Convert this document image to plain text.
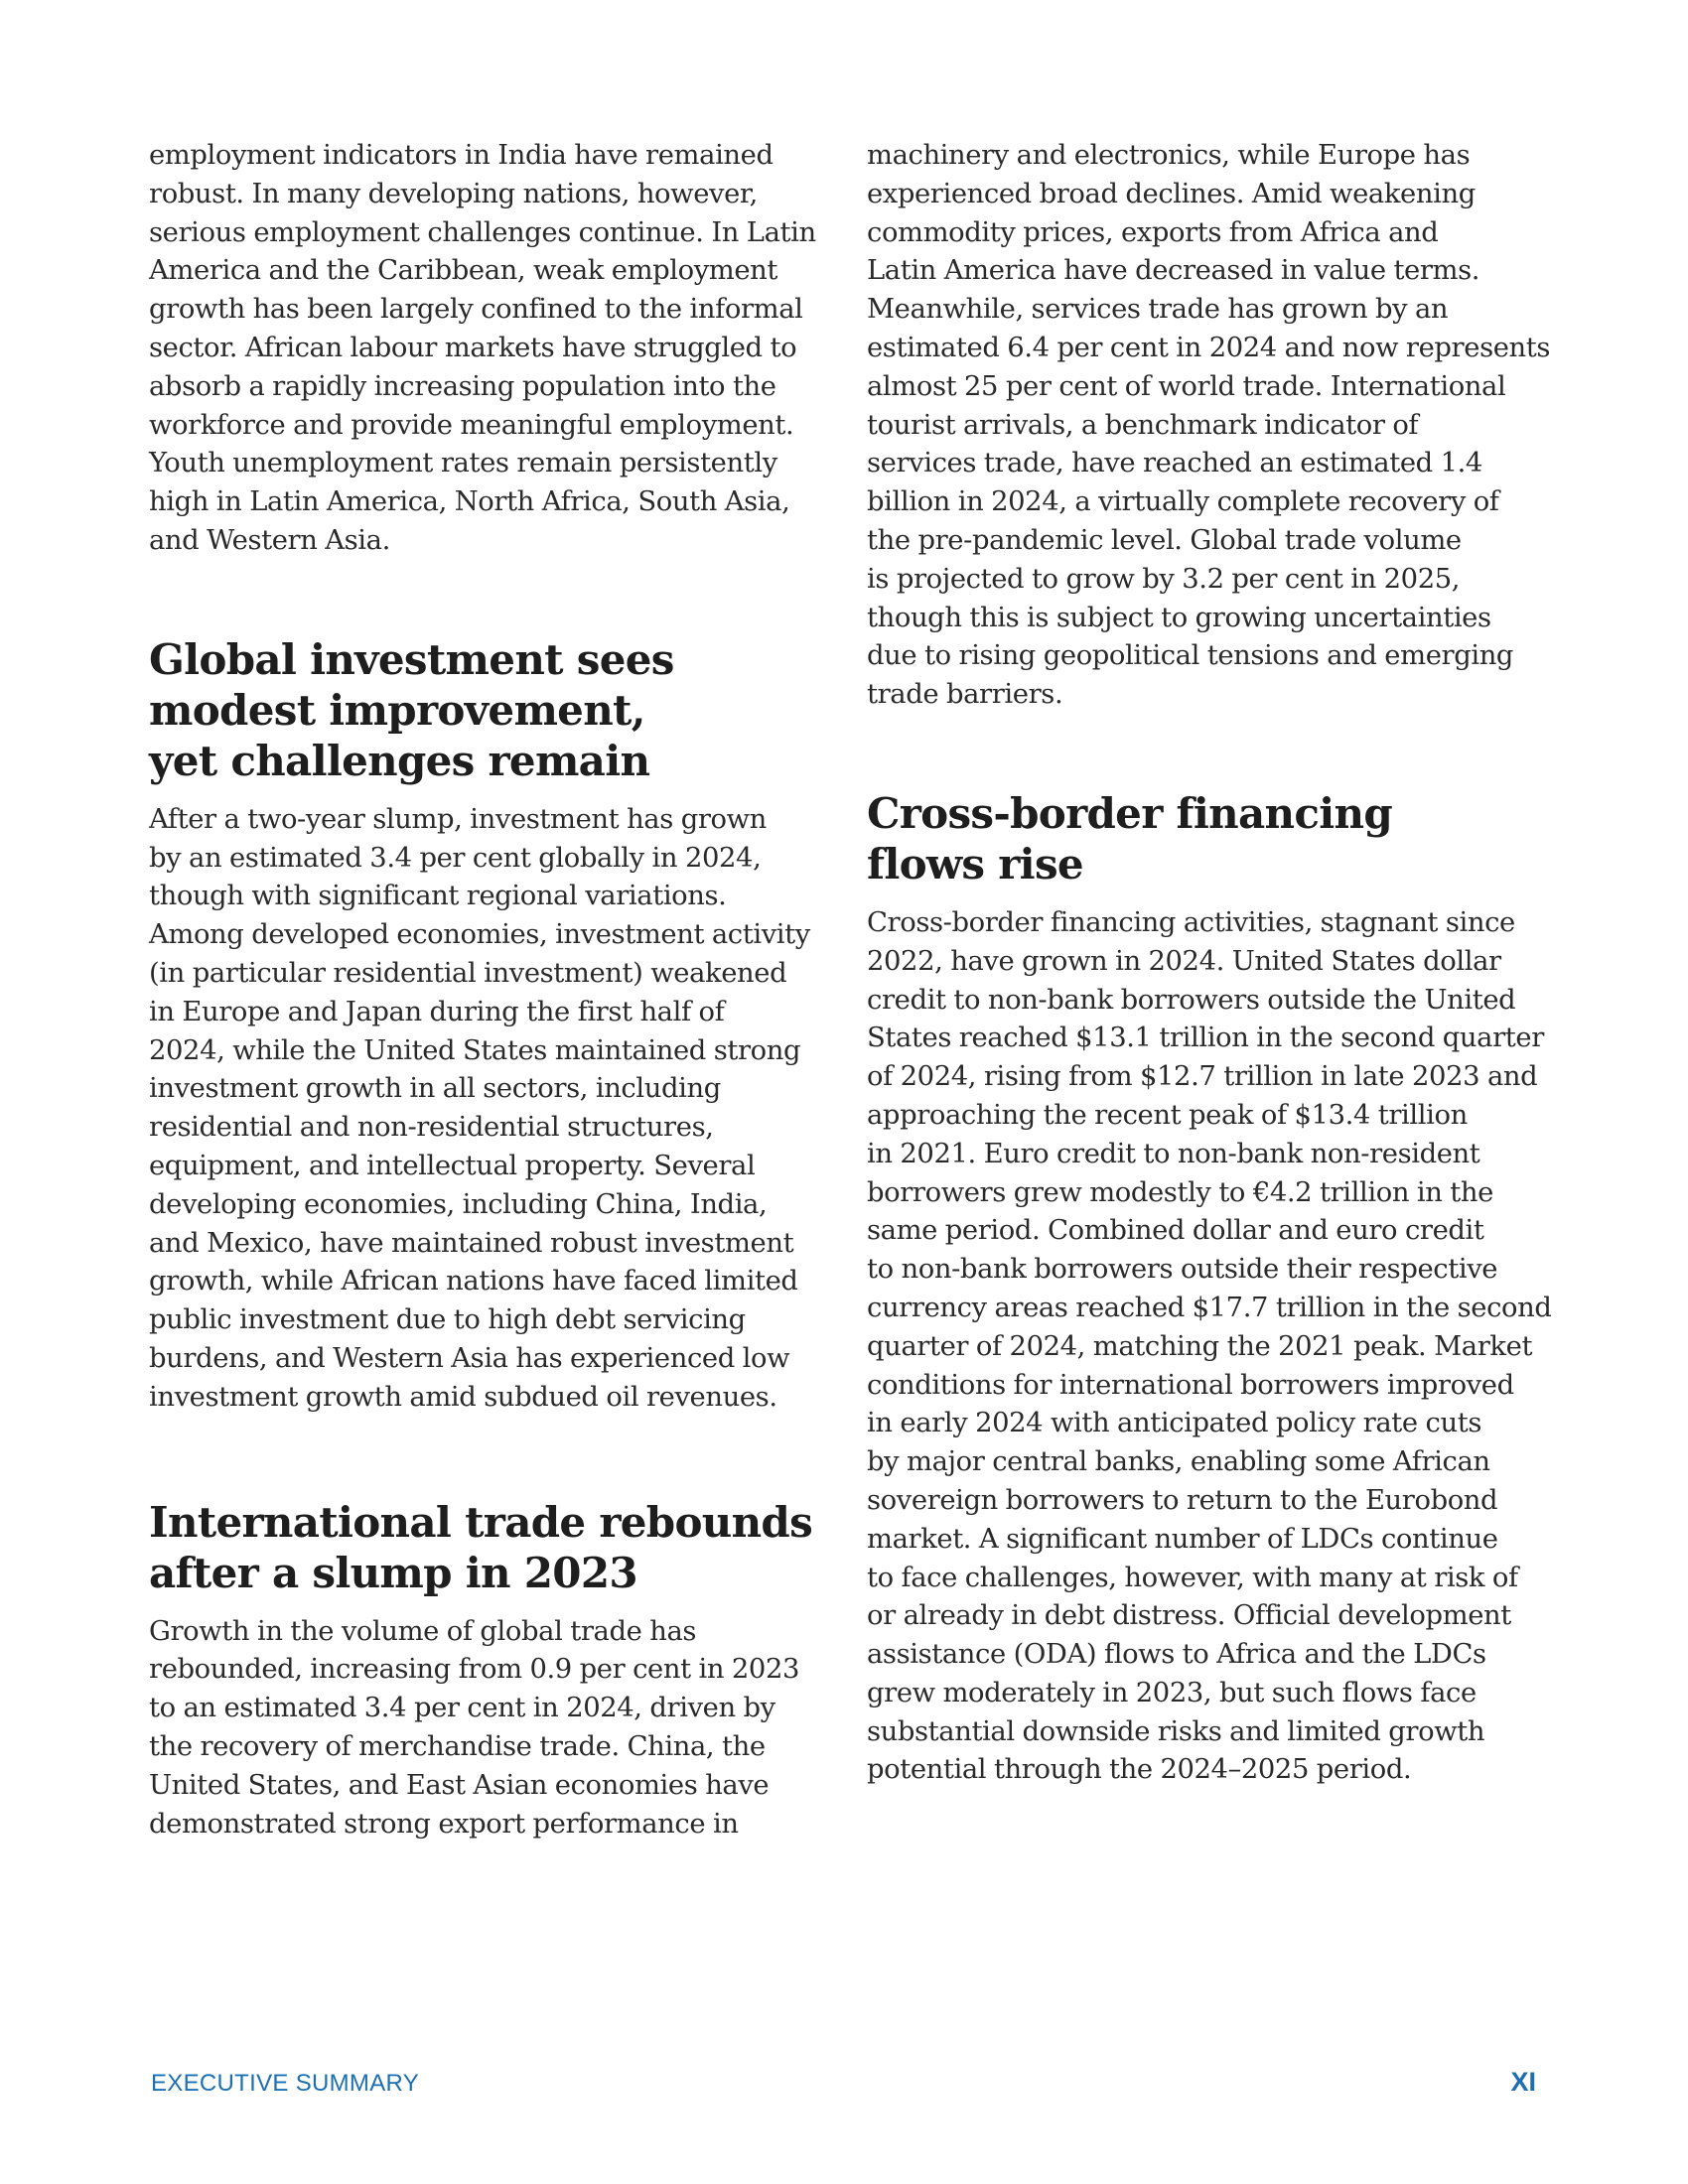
employment indicators in India have remained
robust. In many developing nations, however,
serious employment challenges continue. In Latin
America and the Caribbean, weak employment
growth has been largely confined to the informal
sector. African labour markets have struggled to
absorb a rapidly increasing population into the
workforce and provide meaningful employment.
Youth unemployment rates remain persistently
high in Latin America, North Africa, South Asia,
and Western Asia.

Global investment sees
modest improvement,
yet challenges remain

After a two-year slump, investment has grown
by an estimated 3.4 per cent globally in 2024,
though with significant regional variations.
Among developed economies, investment activity
(in particular residential investment) weakened
in Europe and Japan during the first half of
2024, while the United States maintained strong
investment growth in all sectors, including
residential and non-residential structures,
equipment, and intellectual property. Several
developing economies, including China, India,
and Mexico, have maintained robust investment
growth, while African nations have faced limited
public investment due to high debt servicing
burdens, and Western Asia has experienced low
investment growth amid subdued oil revenues.

International trade rebounds
after a slump in 2023

Growth in the volume of global trade has
rebounded, increasing from 0.9 per cent in 2023
to an estimated 3.4 per cent in 2024, driven by
the recovery of merchandise trade. China, the
United States, and East Asian economies have
demonstrated strong export performance in

machinery and electronics, while Europe has
experienced broad declines. Amid weakening
commodity prices, exports from Africa and
Latin America have decreased in value terms.
Meanwhile, services trade has grown by an
estimated 6.4 per cent in 2024 and now represents
almost 25 per cent of world trade. International
tourist arrivals, a benchmark indicator of
services trade, have reached an estimated 1.4
billion in 2024, a virtually complete recovery of
the pre-pandemic level. Global trade volume
is projected to grow by 3.2 per cent in 2025,
though this is subject to growing uncertainties
due to rising geopolitical tensions and emerging
trade barriers.

Cross-border financing
flows rise

Cross-border financing activities, stagnant since
2022, have grown in 2024. United States dollar
credit to non-bank borrowers outside the United
States reached $13.1 trillion in the second quarter
of 2024, rising from $12.7 trillion in late 2023 and
approaching the recent peak of $13.4 trillion
in 2021. Euro credit to non-bank non-resident
borrowers grew modestly to €4.2 trillion in the
same period. Combined dollar and euro credit
to non-bank borrowers outside their respective
currency areas reached $17.7 trillion in the second
quarter of 2024, matching the 2021 peak. Market
conditions for international borrowers improved
in early 2024 with anticipated policy rate cuts
by major central banks, enabling some African
sovereign borrowers to return to the Eurobond
market. A significant number of LDCs continue
to face challenges, however, with many at risk of
or already in debt distress. Official development
assistance (ODA) flows to Africa and the LDCs
grew moderately in 2023, but such flows face
substantial downside risks and limited growth
potential through the 2024–2025 period.

EXECUTIVE SUMMARY	XI
